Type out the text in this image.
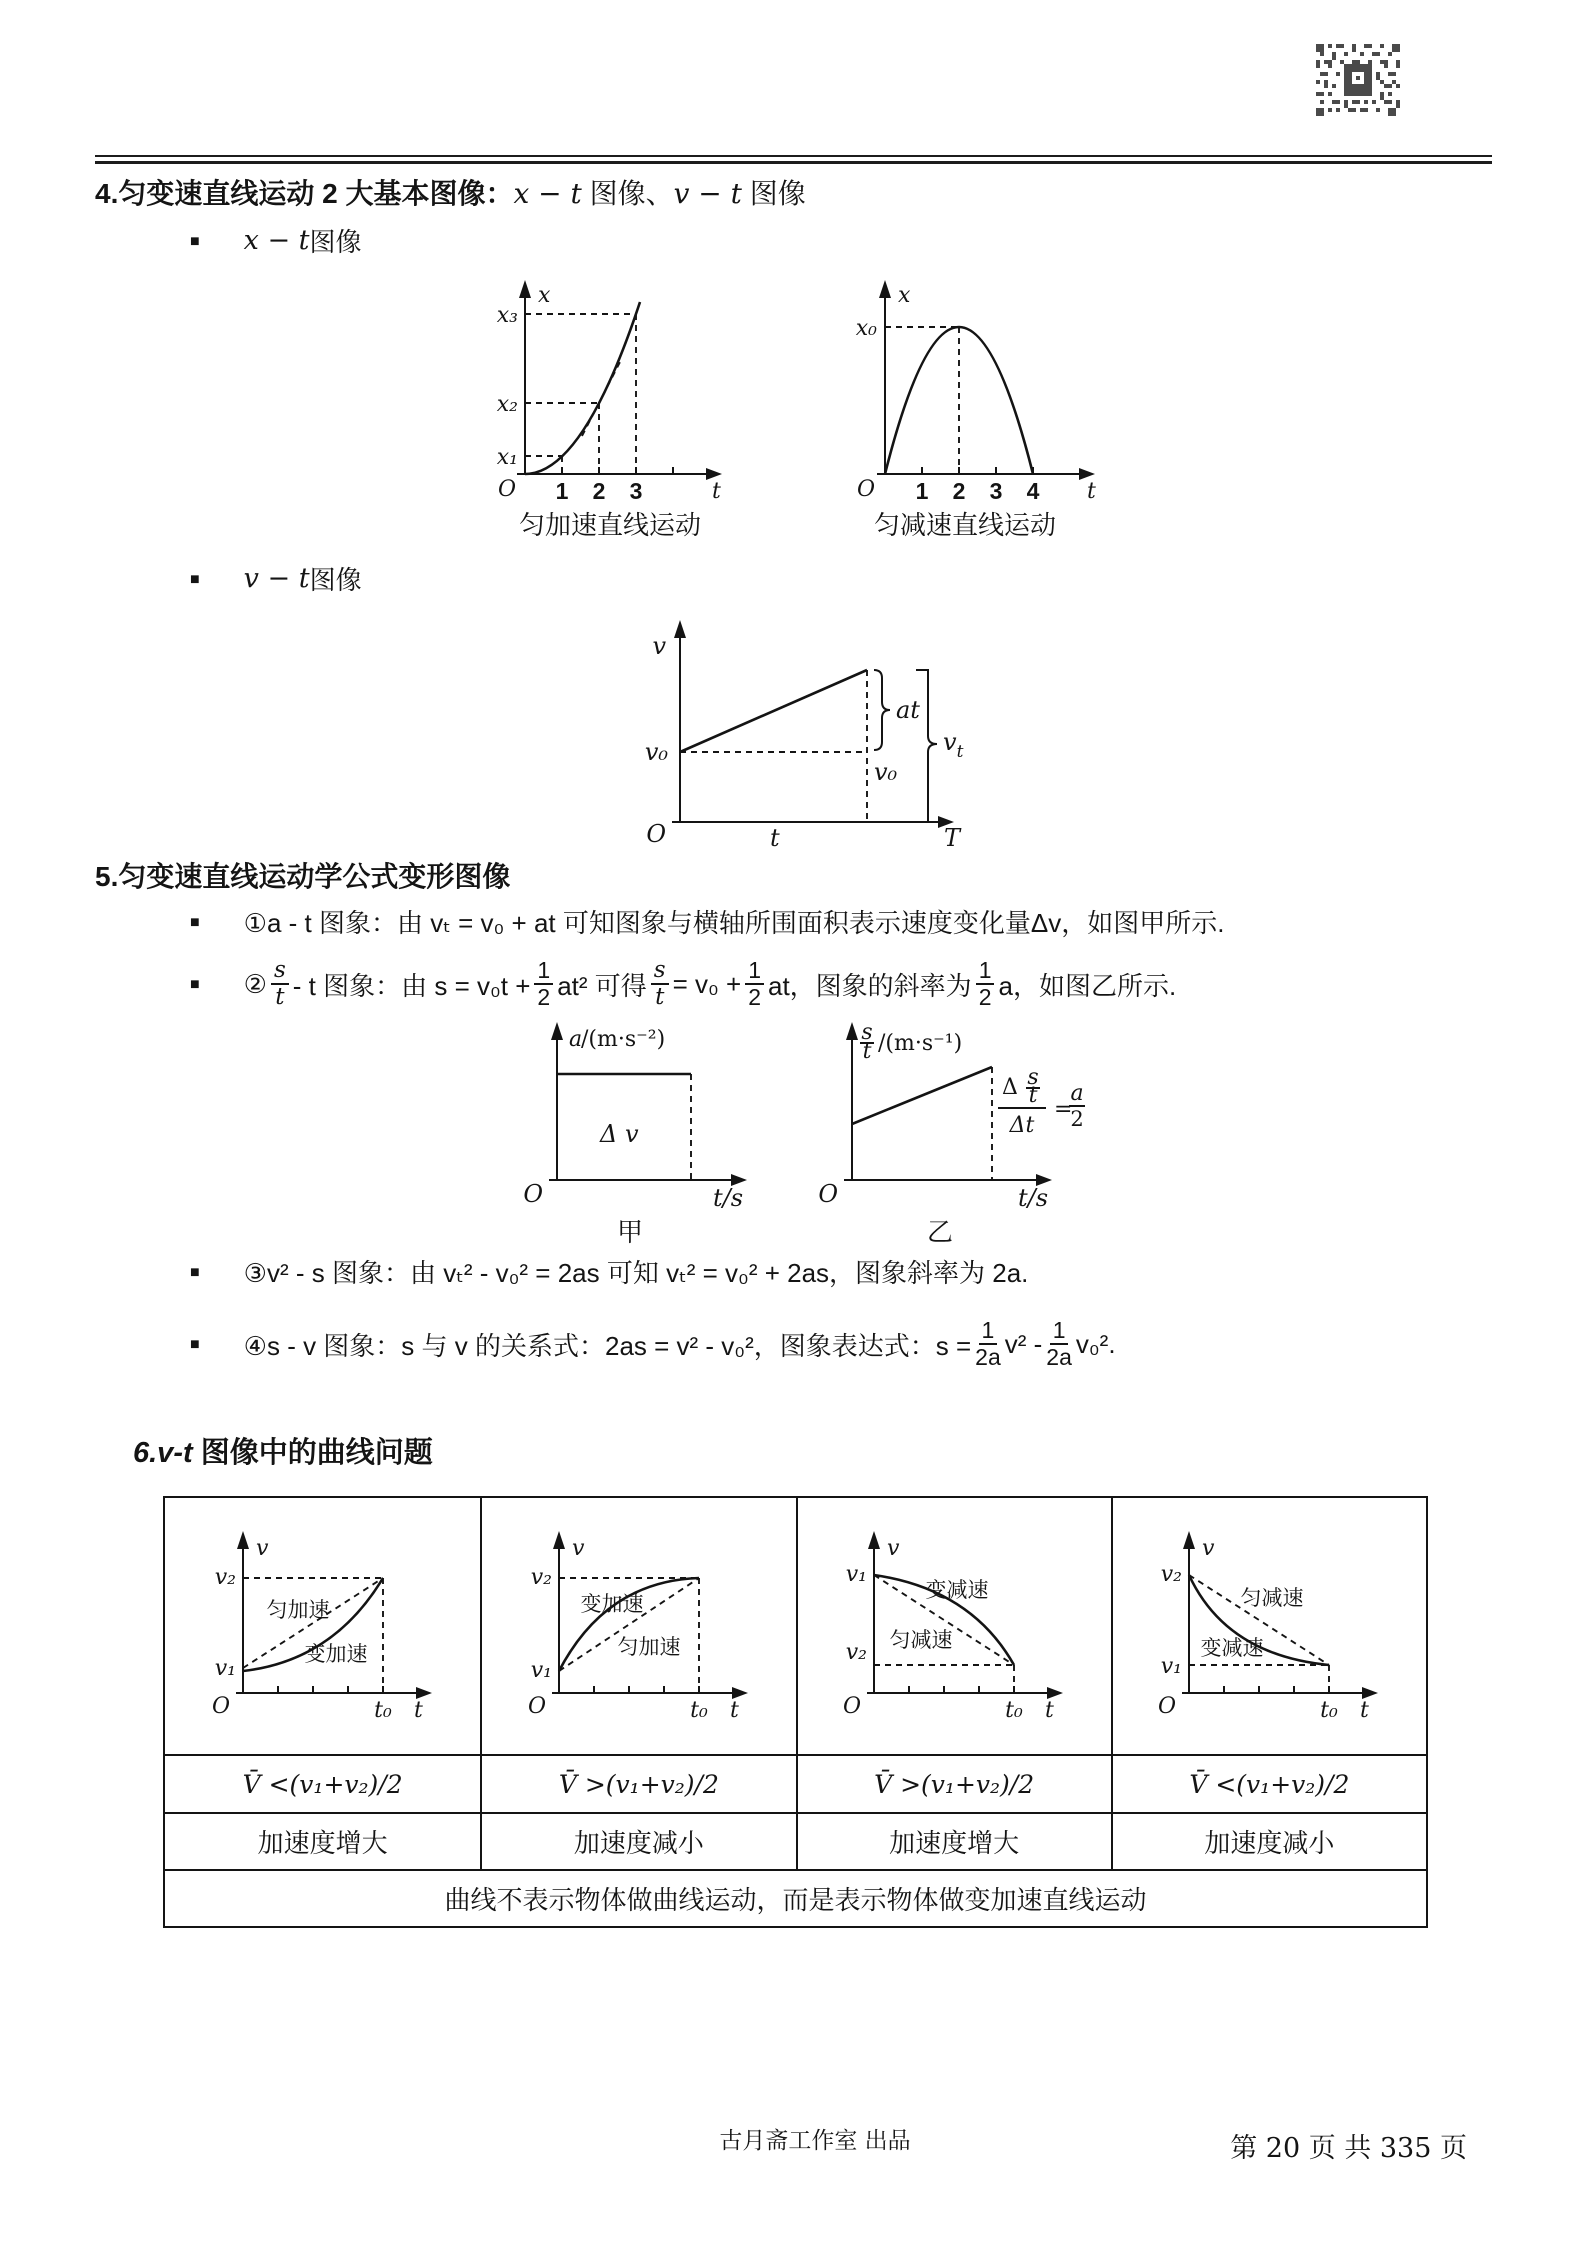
4.匀变速直线运动 2 大基本图像：x − t 图像、v − t 图像
■ x − t 图像
x
t
O
x₁
x₂
x₃
1 2 3
匀加速直线运动
x
t
O
x₀
1 2 3 4
匀减速直线运动
■ v − t 图像
v
v₀
O	t	T
at
v₀
$v_t$
5.匀变速直线运动学公式变形图像
■ ①a - t 图象：由 vₜ = v₀ + at 可知图象与横轴所围面积表示速度变化量Δv，如图甲所示.
■ ② $\frac{s}{t}$ - t 图象：由 $s = v_0t + \frac{1}{2} at^2$ 可得 $\frac{s}{t} = v_0 + \frac{1}{2}$ at，图象的斜率为 $\frac{1}{2}$ a，如图乙所示.
a
/(m·s⁻²)
Δ v
O	t/s
甲
s
t /(m·s⁻¹)
Δ s
t
Δt
=
a
2
O	t/s
乙
■ ③v² - s 图象：由 vₜ² - v₀² = 2as 可知 vₜ² = v₀² + 2as，图象斜率为 2a.
■ ④s - v 图象：s 与 v 的关系式：2as = v² - v₀²，图象表达式：$s = \frac{1}{2a} v^2 - \frac{1}{2a} v_0^2$.
6.v-t 图像中的曲线问题
v
v₂
v₁
O
匀加速
变加速
t₀ t
v
v₂
v₁
O
变加速
匀加速
t₀ t
v
v₁
v₂
O
变减速
匀减速
t₀ t
v
v₂
v₁
O
匀减速
变减速
t₀ t
V̄ <(v₁+v₂)/2	V̄ >(v₁+v₂)/2	V̄ >(v₁+v₂)/2	V̄ <(v₁+v₂)/2
加速度增大	加速度减小	加速度增大	加速度减小
曲线不表示物体做曲线运动，而是表示物体做变加速直线运动
古月斋工作室 出品	第 20 页 共 335 页
